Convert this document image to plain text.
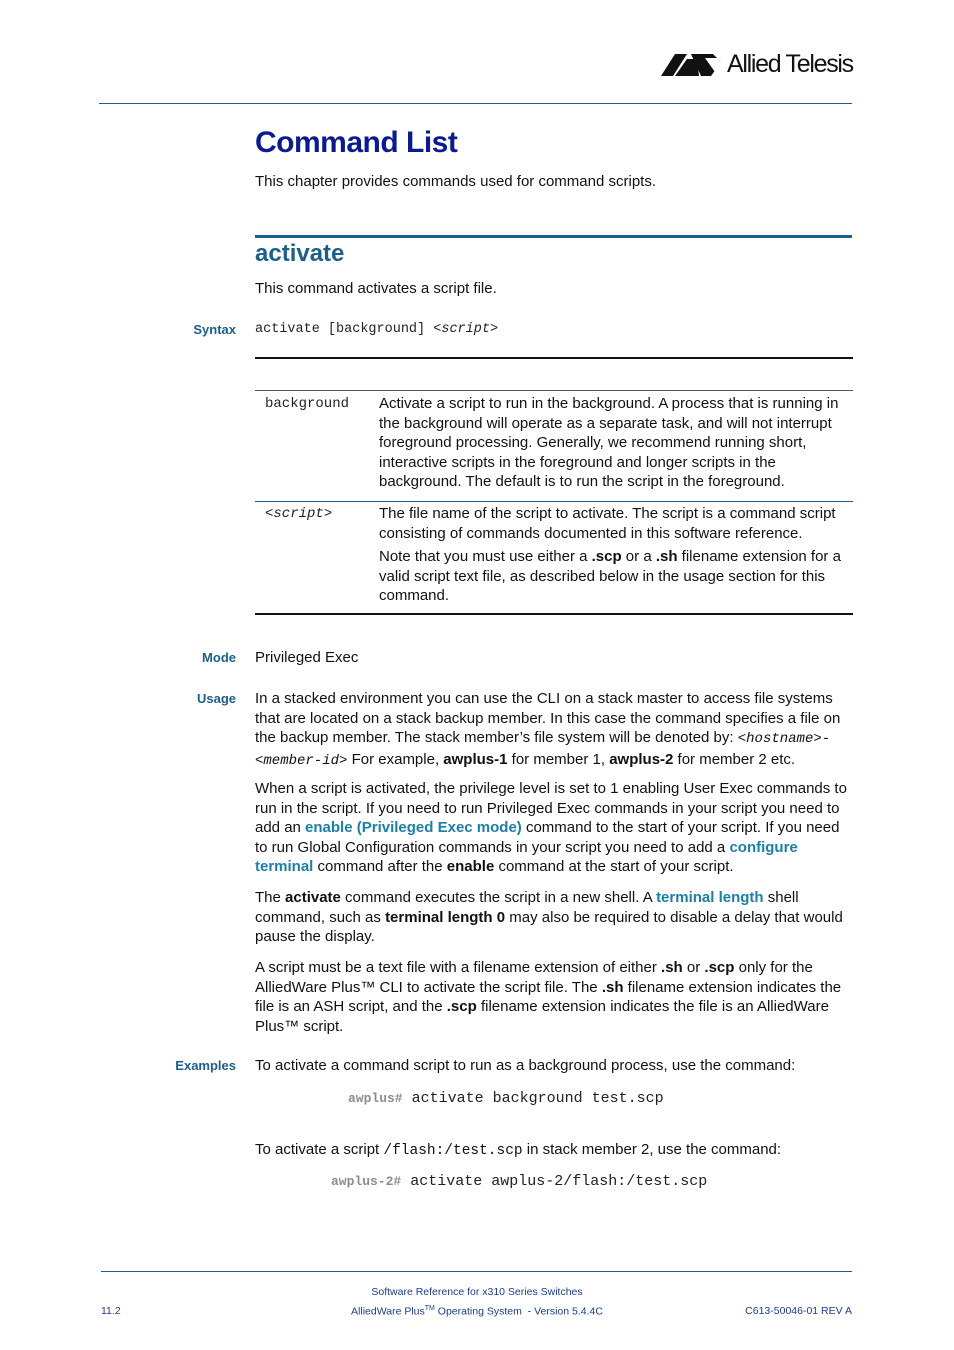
Allied Telesis
Command List

This chapter provides commands used for command scripts.

activate

This command activates a script file.

Syntax activate [background] <script>
background Activate a script to run in the background. A process that is running in the background will operate as a separate task, and will not interrupt foreground processing. Generally, we recommend running short, interactive scripts in the foreground and longer scripts in the background. The default is to run the script in the foreground.
<script>	The file name of the script to activate. The script is a command script consisting of commands documented in this software reference.

Note that you must use either a .scp or a .sh filename extension for a valid script text file, as described below in the usage section for this command.

Mode Privileged Exec

Usage In a stacked environment you can use the CLI on a stack master to access file systems that are located on a stack backup member. In this case the command specifies a file on the backup member. The stack member’s file system will be denoted by: <hostname>-<member-id> For example, awplus-1 for member 1, awplus-2 for member 2 etc.

When a script is activated, the privilege level is set to 1 enabling User Exec commands to run in the script. If you need to run Privileged Exec commands in your script you need to add an enable (Privileged Exec mode) command to the start of your script. If you need to run Global Configuration commands in your script you need to add a configure terminal command after the enable command at the start of your script.

The activate command executes the script in a new shell. A terminal length shell command, such as terminal length 0 may also be required to disable a delay that would pause the display.

A script must be a text file with a filename extension of either .sh or .scp only for the AlliedWare Plus™ CLI to activate the script file. The .sh filename extension indicates the file is an ASH script, and the .scp filename extension indicates the file is an AlliedWare Plus™ script.

Examples To activate a command script to run as a background process, use the command:

awplus# activate background test.scp

To activate a script /flash:/test.scp in stack member 2, use the command:

awplus-2# activate awplus-2/flash:/test.scp
Software Reference for x310 Series Switches
AlliedWare Plus™ Operating System  - Version 5.4.4C
11.2	C613-50046-01 REV A
